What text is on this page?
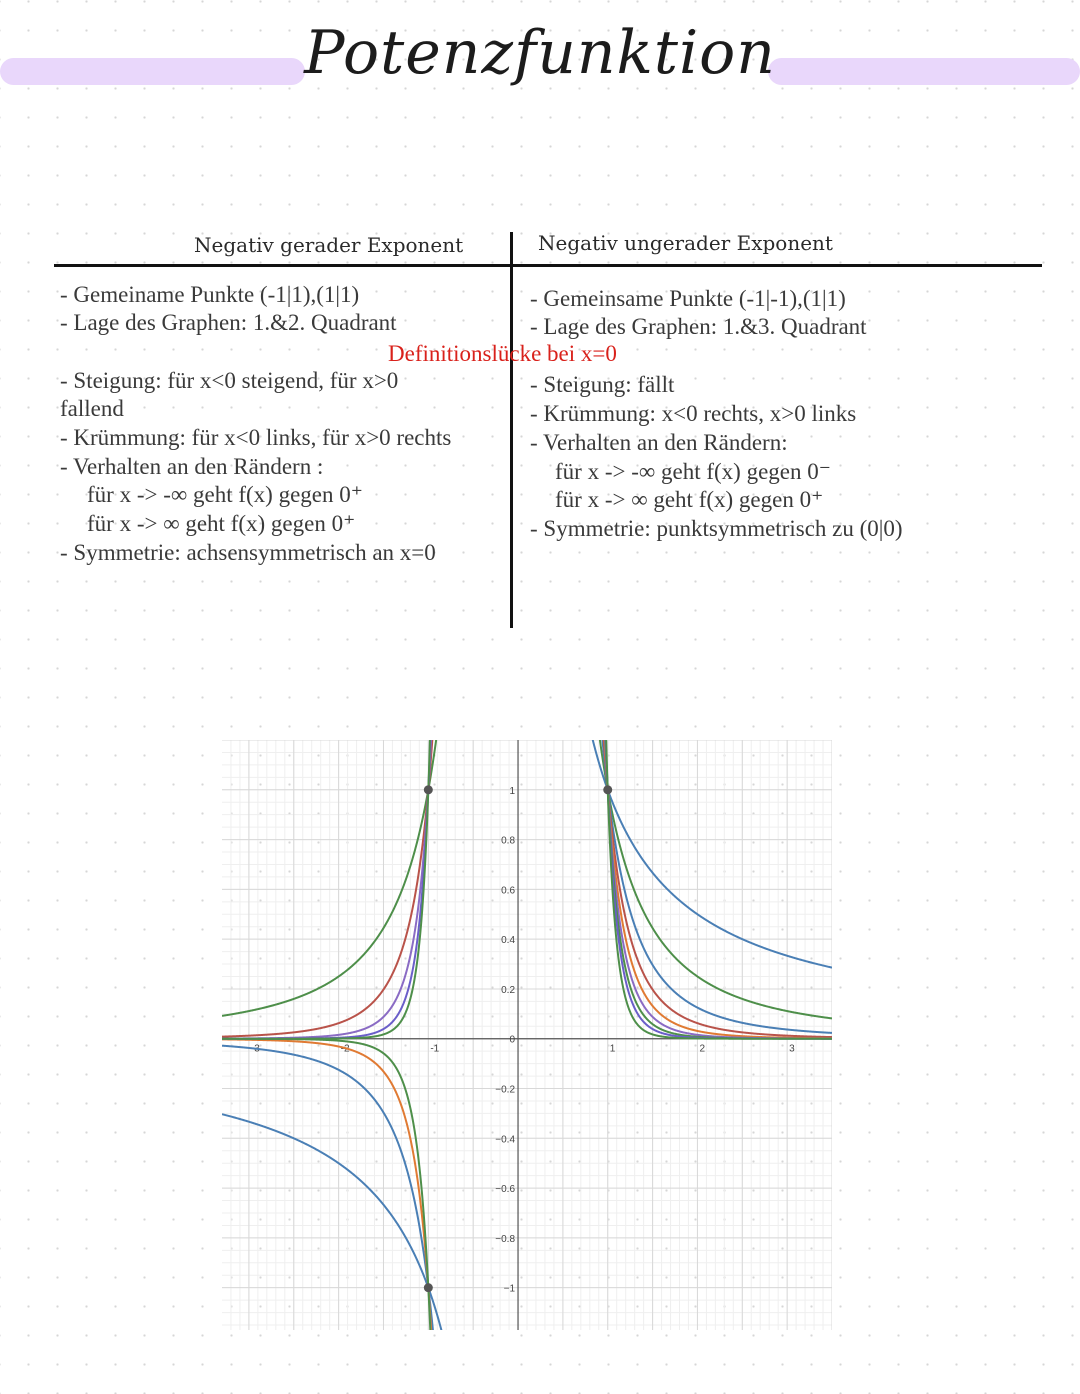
Potenzfunktion
Negativ gerader Exponent	Negativ ungerader Exponent
- Gemeiname Punkte (-1|1),(1|1)
- Lage des Graphen: 1.&2. Quadrant
- Steigung: für x<0 steigend, für x>0
fallend
- Krümmung: für x<0 links, für x>0 rechts
- Verhalten an den Rändern :
für x -> -∞ geht f(x) gegen 0⁺
für x -> ∞ geht f(x) gegen 0⁺
- Symmetrie: achsensymmetrisch an x=0
Definitionslücke bei x=0
- Gemeinsame Punkte (-1|-1),(1|1)
- Lage des Graphen: 1.&3. Quadrant
- Steigung: fällt
- Krümmung: x<0 rechts, x>0 links
- Verhalten an den Rändern:
für x -> -∞ geht f(x) gegen 0⁻
für x -> ∞ geht f(x) gegen 0⁺
- Symmetrie: punktsymmetrisch zu (0|0)
-3	-2	-1	1	2	3
1
0.8
0.6
0.4
0.2
0
−0.2
−0.4
−0.6
−0.8
−1
